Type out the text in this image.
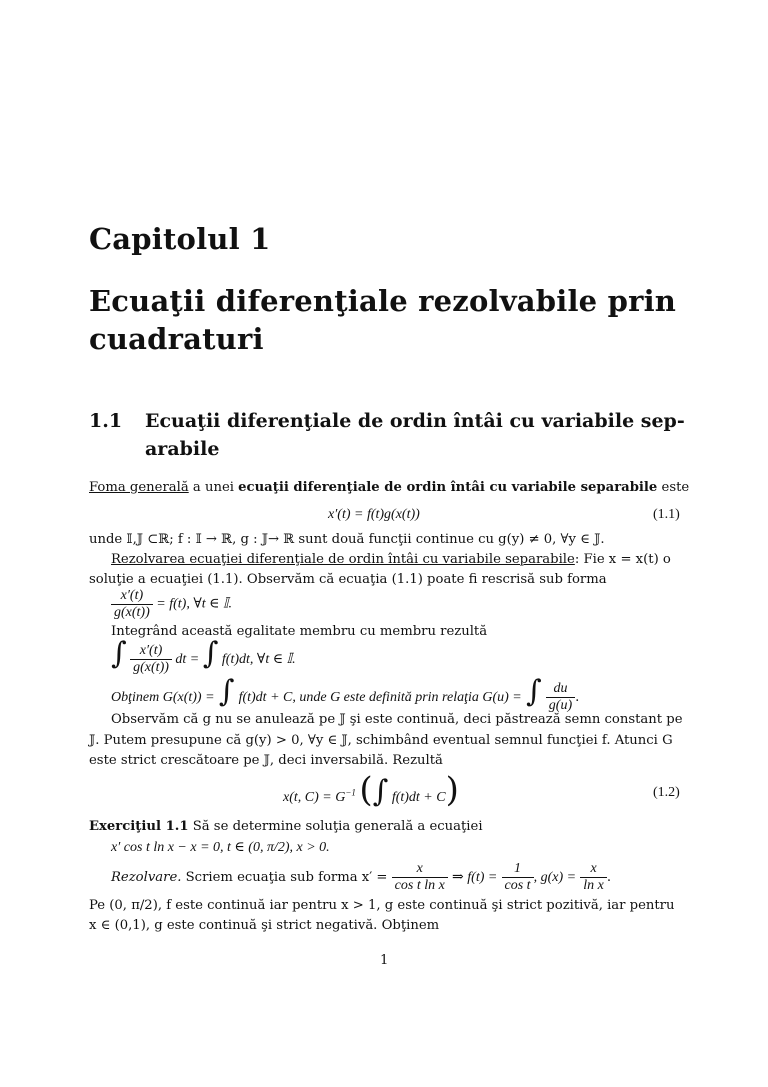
Capitolul 1
Ecuaţii diferenţiale rezolvabile prin
cuadraturi
1.1 Ecuaţii diferenţiale de ordin întâi cu variabile sep-
arabile
Foma generală a unei ecuaţii diferenţiale de ordin întâi cu variabile separabile este
x′(t) = f(t)g(x(t))	(1.1)
unde 𝕀,𝕁 ⊂ℝ; f : 𝕀 → ℝ, g : 𝕁→ ℝ sunt două funcţii continue cu g(y) ≠ 0, ∀y ∈ 𝕁.
Rezolvarea ecuaţiei diferenţiale de ordin întâi cu variabile separabile: Fie x = x(t) o
soluţie a ecuaţiei (1.1). Observăm că ecuaţia (1.1) poate fi rescrisă sub forma
$\frac{x'(t)}{g(x(t))} = f(t)$, ∀t ∈ 𝕀.
Integrând această egalitate membru cu membru rezultă
∫ $\frac{x'(t)}{g(x(t))}$ dt = ∫ f(t)dt, ∀t ∈ 𝕀.
Obţinem G(x(t)) = ∫ f(t)dt + C, unde G este definită prin relaţia G(u) = ∫ $\frac{du}{g(u)}$ .
Observăm că g nu se anulează pe 𝕁 şi este continuă, deci păstrează semn constant pe
𝕁. Putem presupune că g(y) > 0, ∀y ∈ 𝕁, schimbând eventual semnul funcţiei f. Atunci G
este strict crescătoare pe 𝕁, deci inversabilă. Rezultă
x(t, $C) = G^{-1}$ (∫ f(t)dt + C)	(1.2)
Exerciţiul 1.1 Să se determine soluţia generală a ecuaţiei
x′ cos t ln x − x = 0, t ∈ (0, π/2), x > 0.
Rezolvare. Scriem ecuaţia sub forma $x' = \frac{x}{\text{cos t ln x}}$ ⇒ $f(t) = \frac{1}{\text{cos t}}$ , $g(x) = \frac{x}{\text{ln x}}$ .
Pe (0, π/2), f este continuă iar pentru x > 1, g este continuă şi strict pozitivă, iar pentru
x ∈ (0,1), g este continuă şi strict negativă. Obţinem
1
